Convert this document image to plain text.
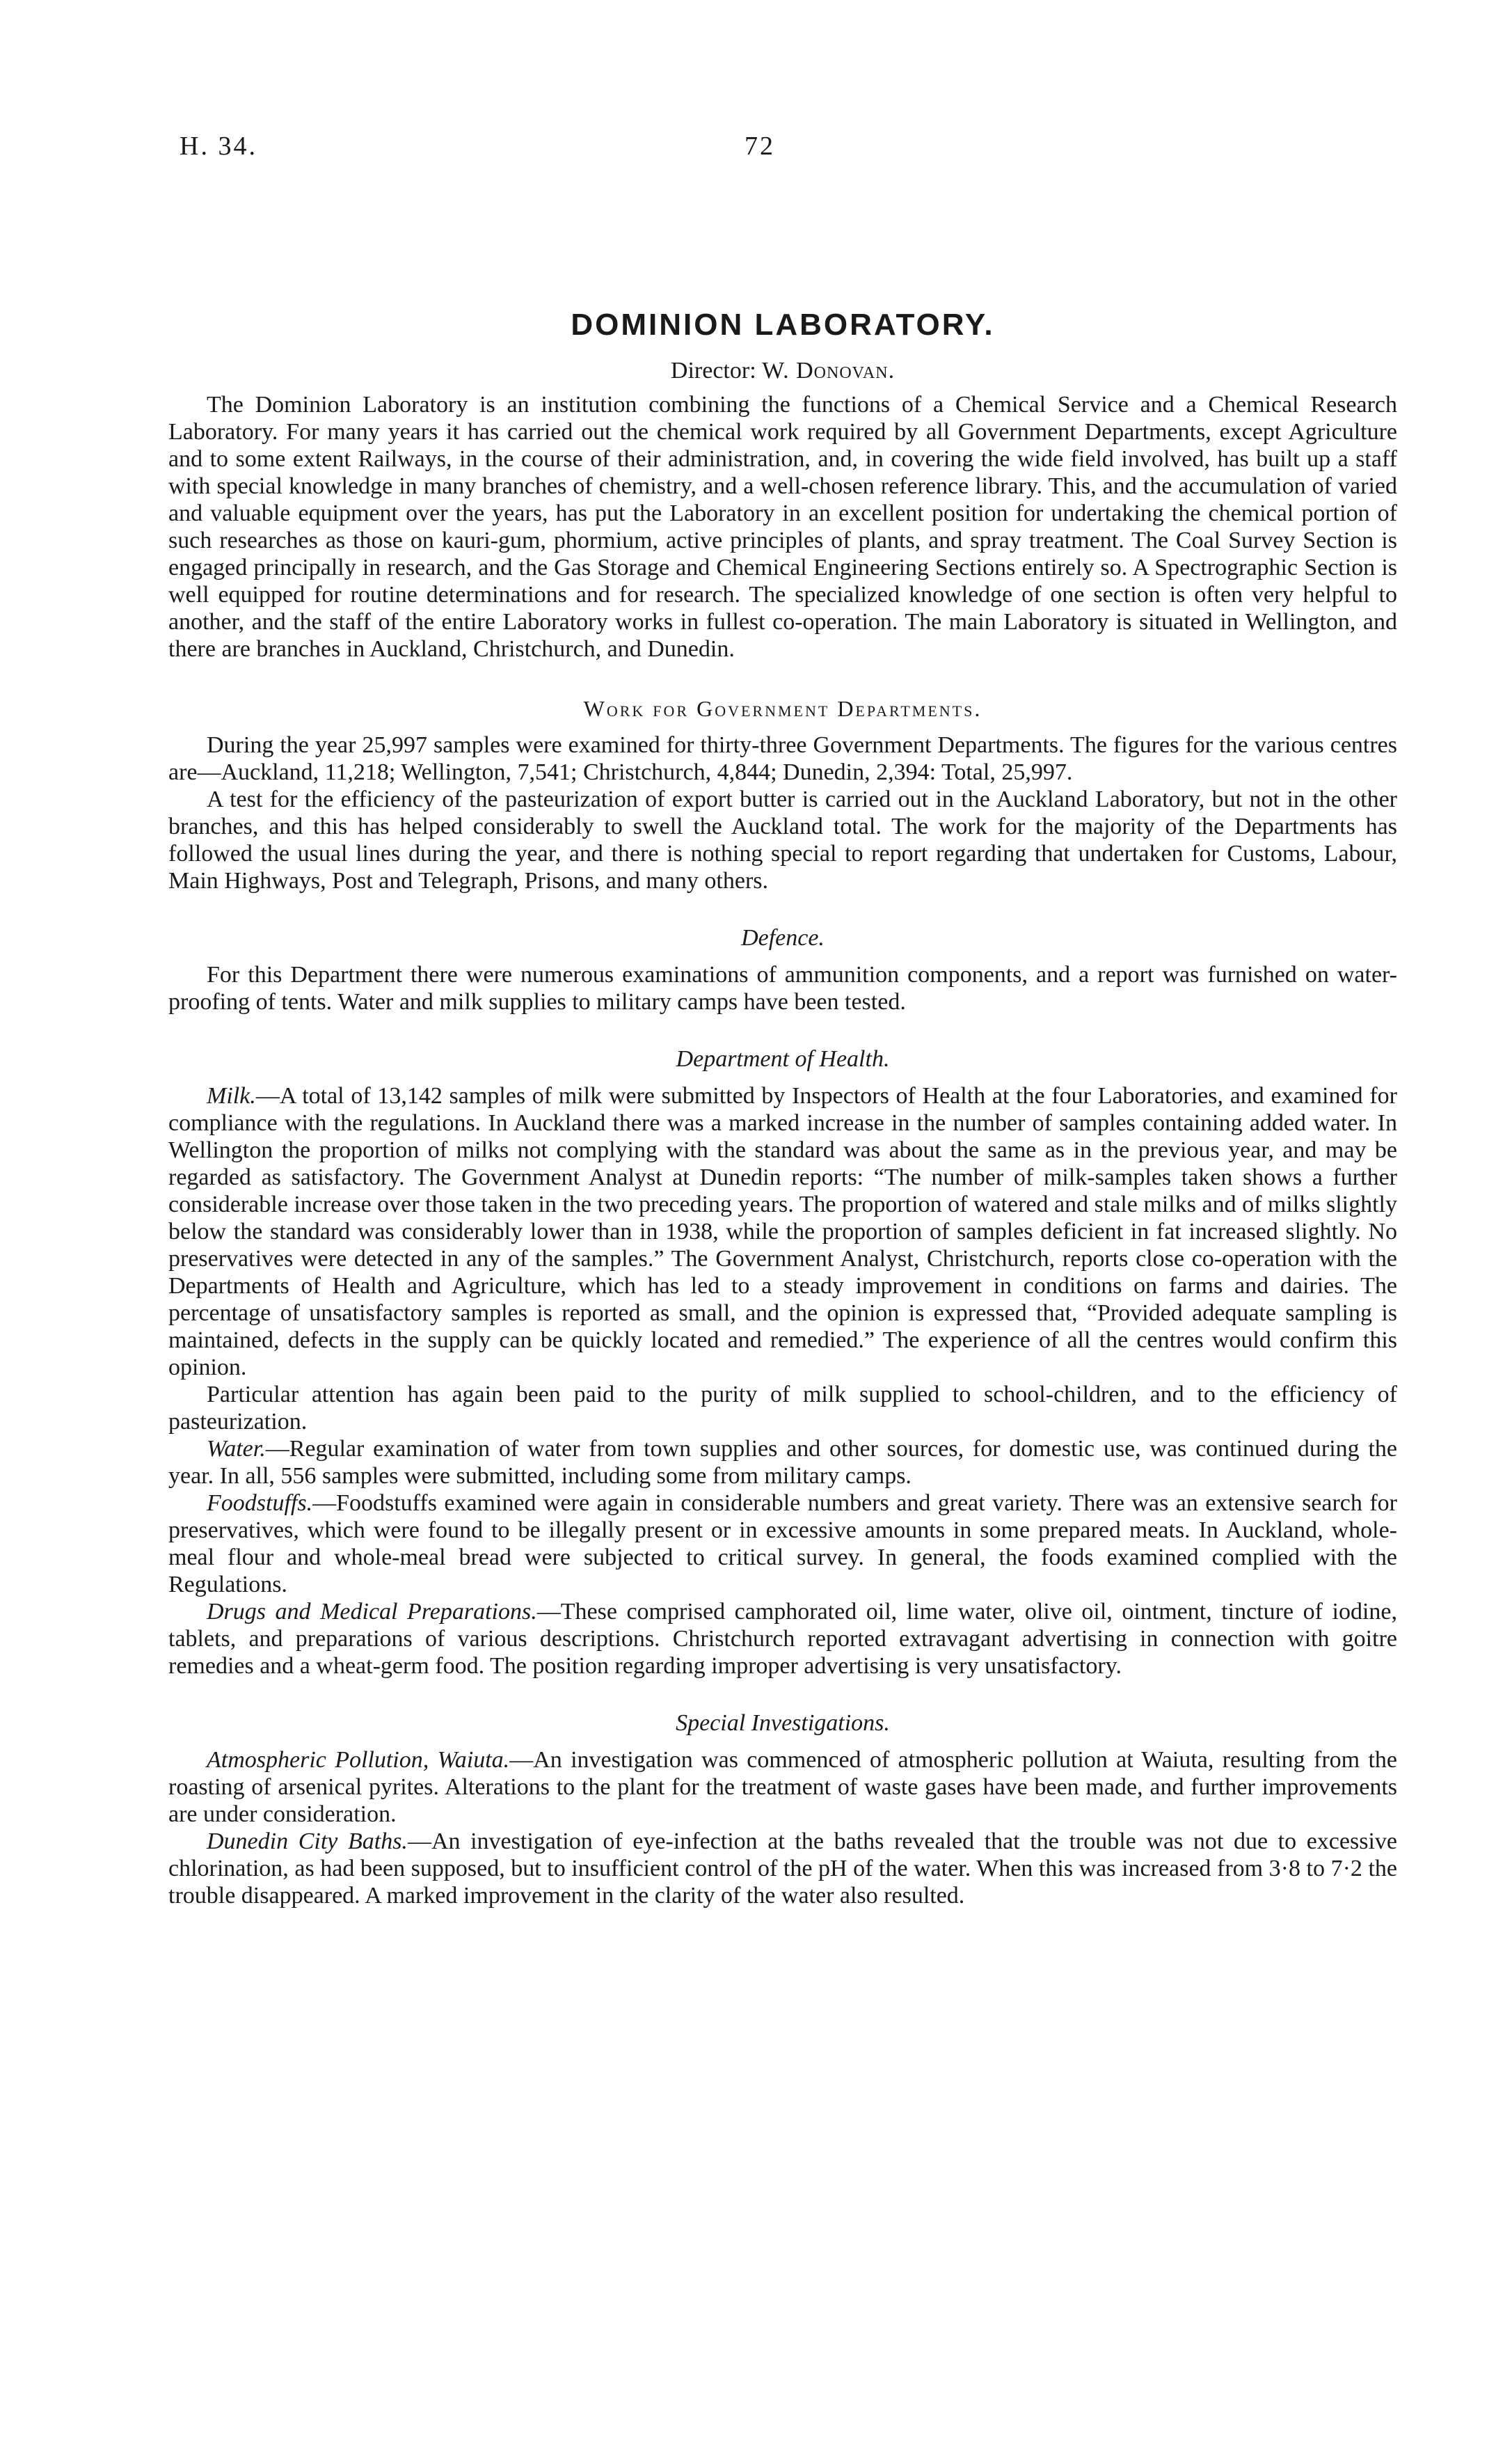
H. 34.	72
DOMINION LABORATORY.
Director: W. Donovan.

The Dominion Laboratory is an institution combining the functions of a Chemical Service and a Chemical Research Laboratory. For many years it has carried out the chemical work required by all Government Departments, except Agriculture and to some extent Railways, in the course of their administration, and, in covering the wide field involved, has built up a staff with special knowledge in many branches of chemistry, and a well-chosen reference library. This, and the accumulation of varied and valuable equipment over the years, has put the Laboratory in an excellent position for undertaking the chemical portion of such researches as those on kauri-gum, phormium, active principles of plants, and spray treatment. The Coal Survey Section is engaged principally in research, and the Gas Storage and Chemical Engineering Sections entirely so. A Spectrographic Section is well equipped for routine determinations and for research. The specialized knowledge of one section is often very helpful to another, and the staff of the entire Laboratory works in fullest co-operation. The main Laboratory is situated in Wellington, and there are branches in Auckland, Christchurch, and Dunedin.

Work for Government Departments.

During the year 25,997 samples were examined for thirty-three Government Departments. The figures for the various centres are—Auckland, 11,218; Wellington, 7,541; Christchurch, 4,844; Dunedin, 2,394: Total, 25,997.

A test for the efficiency of the pasteurization of export butter is carried out in the Auckland Laboratory, but not in the other branches, and this has helped considerably to swell the Auckland total. The work for the majority of the Departments has followed the usual lines during the year, and there is nothing special to report regarding that undertaken for Customs, Labour, Main Highways, Post and Telegraph, Prisons, and many others.

Defence.

For this Department there were numerous examinations of ammunition components, and a report was furnished on water-proofing of tents. Water and milk supplies to military camps have been tested.

Department of Health.

Milk.—A total of 13,142 samples of milk were submitted by Inspectors of Health at the four Laboratories, and examined for compliance with the regulations. In Auckland there was a marked increase in the number of samples containing added water. In Wellington the proportion of milks not complying with the standard was about the same as in the previous year, and may be regarded as satisfactory. The Government Analyst at Dunedin reports: “The number of milk-samples taken shows a further considerable increase over those taken in the two preceding years. The proportion of watered and stale milks and of milks slightly below the standard was considerably lower than in 1938, while the proportion of samples deficient in fat increased slightly. No preservatives were detected in any of the samples.” The Government Analyst, Christchurch, reports close co-operation with the Departments of Health and Agriculture, which has led to a steady improvement in conditions on farms and dairies. The percentage of unsatisfactory samples is reported as small, and the opinion is expressed that, “Provided adequate sampling is maintained, defects in the supply can be quickly located and remedied.” The experience of all the centres would confirm this opinion.

Particular attention has again been paid to the purity of milk supplied to school-children, and to the efficiency of pasteurization.

Water.—Regular examination of water from town supplies and other sources, for domestic use, was continued during the year. In all, 556 samples were submitted, including some from military camps.

Foodstuffs.—Foodstuffs examined were again in considerable numbers and great variety. There was an extensive search for preservatives, which were found to be illegally present or in excessive amounts in some prepared meats. In Auckland, whole-meal flour and whole-meal bread were subjected to critical survey. In general, the foods examined complied with the Regulations.

Drugs and Medical Preparations.—These comprised camphorated oil, lime water, olive oil, ointment, tincture of iodine, tablets, and preparations of various descriptions. Christchurch reported extravagant advertising in connection with goitre remedies and a wheat-germ food. The position regarding improper advertising is very unsatisfactory.

Special Investigations.

Atmospheric Pollution, Waiuta.—An investigation was commenced of atmospheric pollution at Waiuta, resulting from the roasting of arsenical pyrites. Alterations to the plant for the treatment of waste gases have been made, and further improvements are under consideration.

Dunedin City Baths.—An investigation of eye-infection at the baths revealed that the trouble was not due to excessive chlorination, as had been supposed, but to insufficient control of the pH of the water. When this was increased from 3·8 to 7·2 the trouble disappeared. A marked improvement in the clarity of the water also resulted.
